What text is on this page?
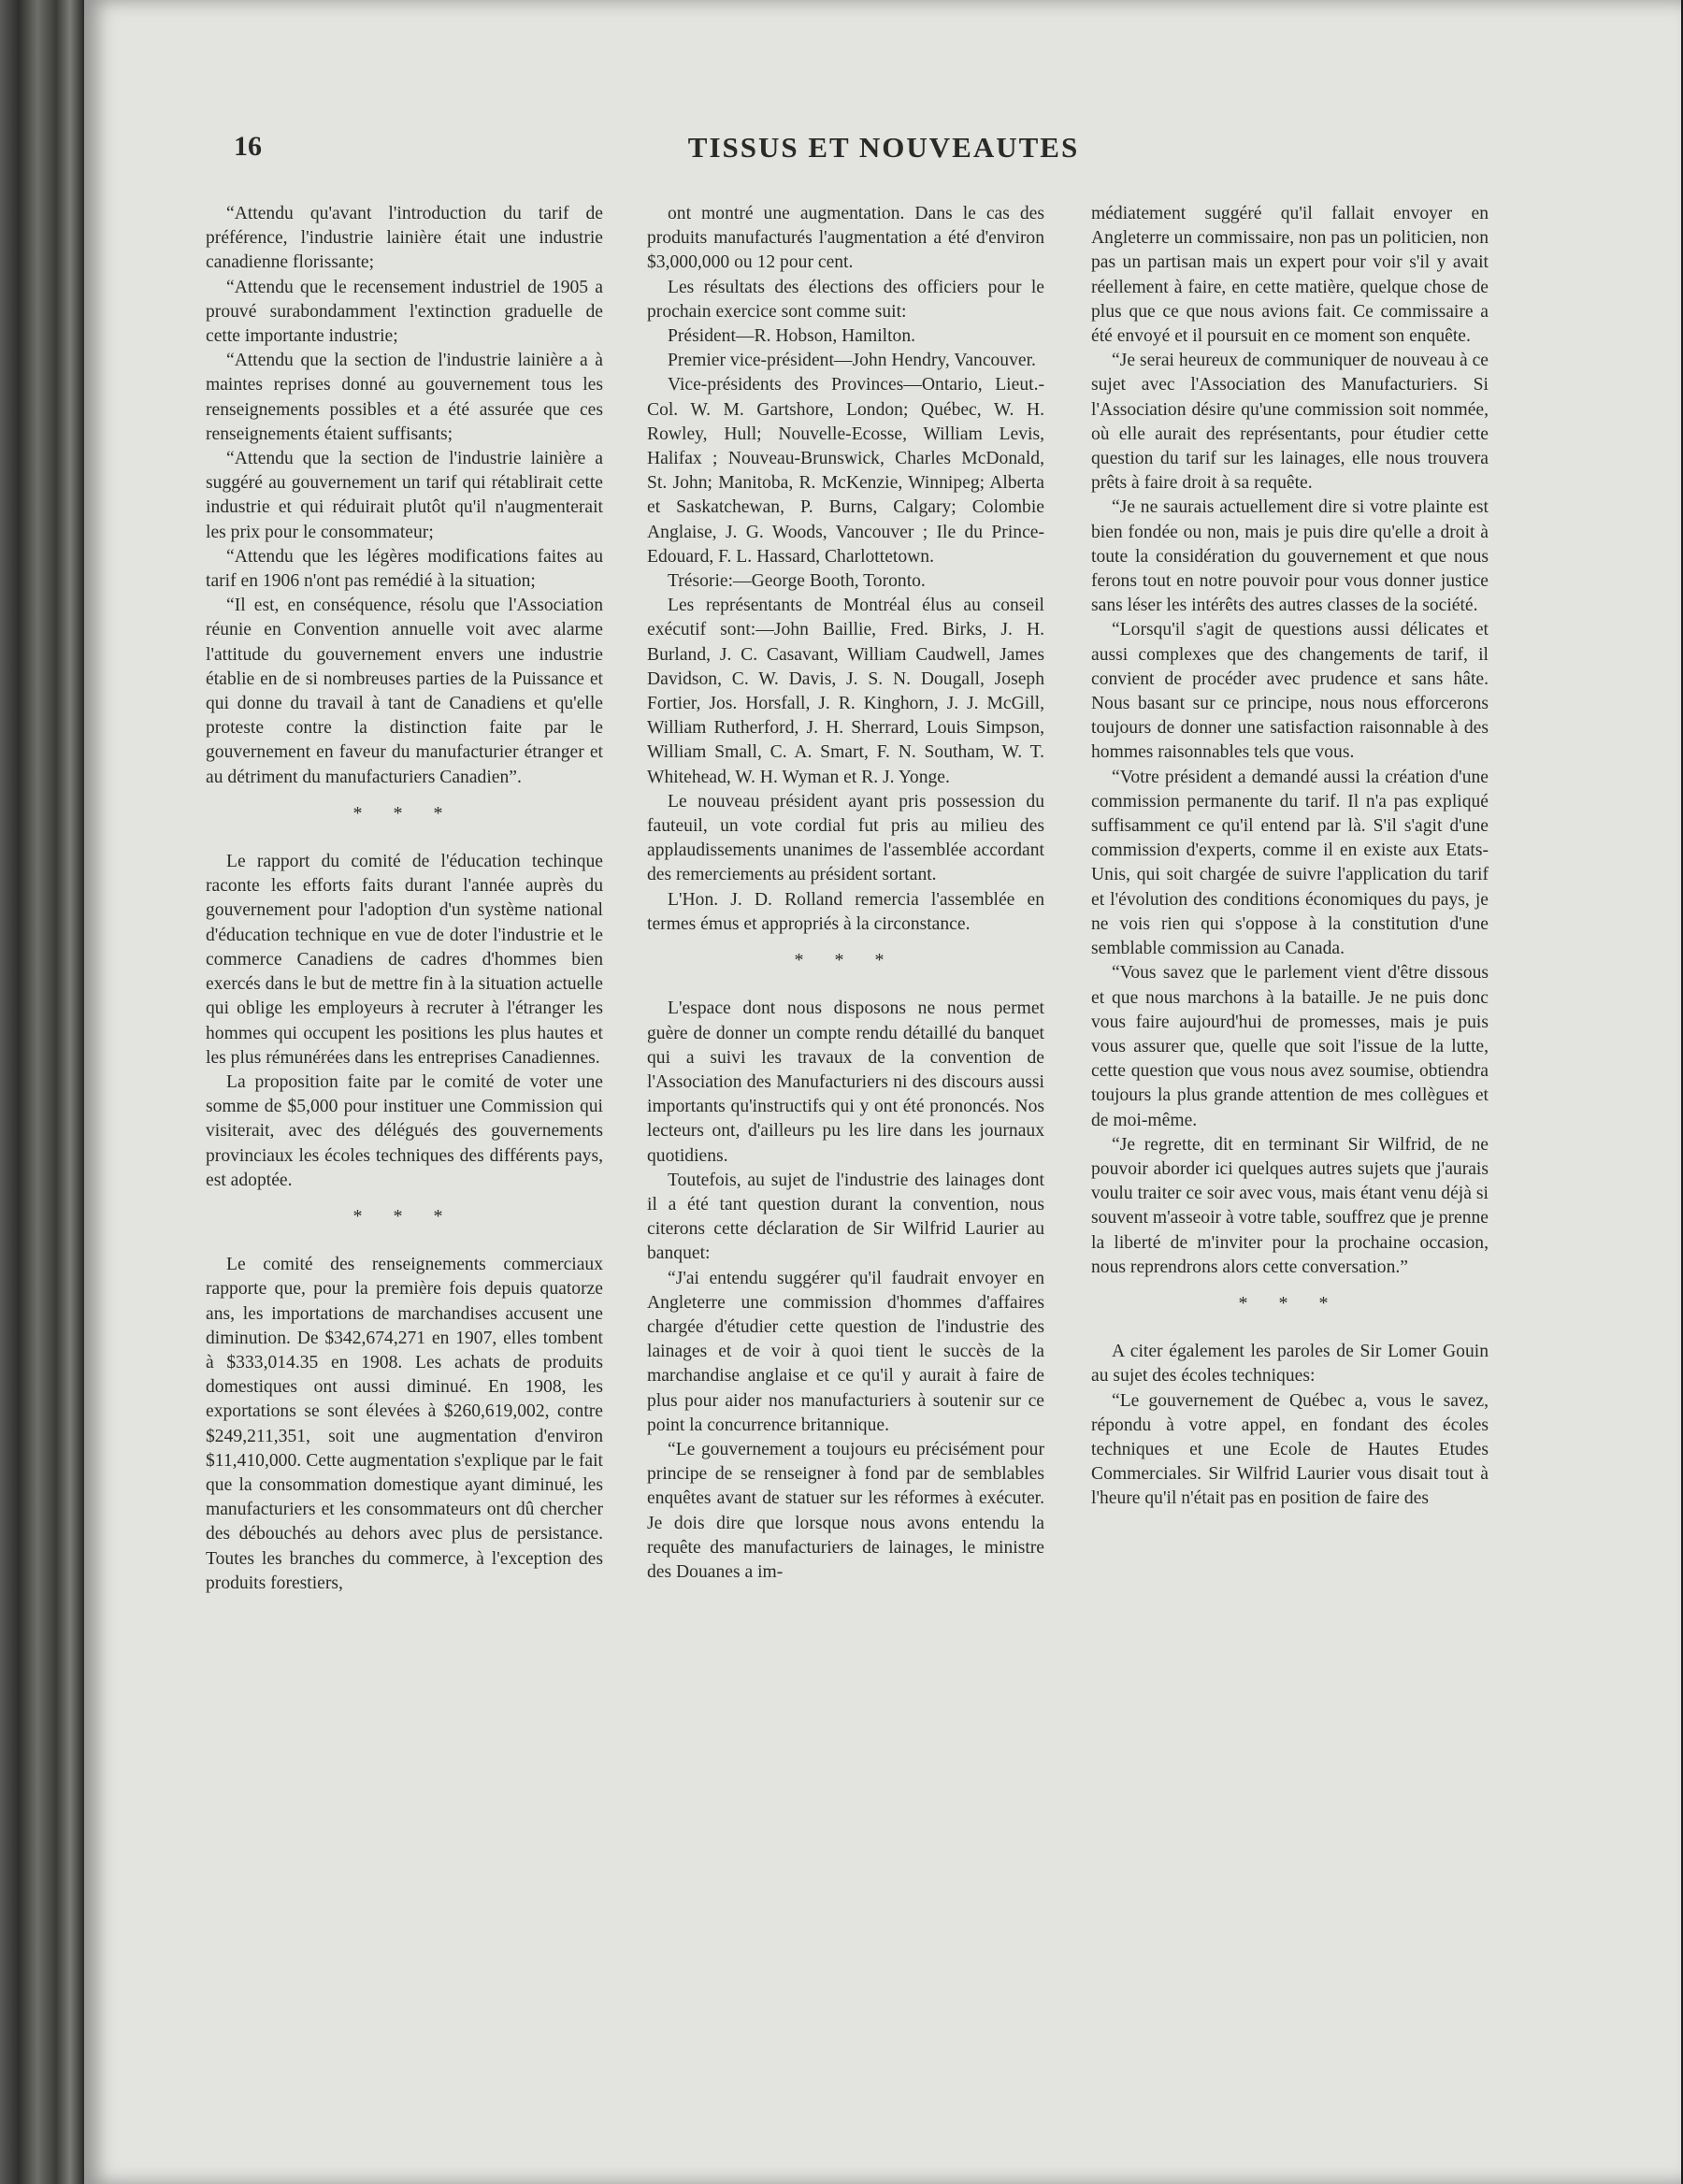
16	TISSUS ET NOUVEAUTES

“Attendu qu'avant l'introduction du tarif de préférence, l'industrie lainière était une industrie canadienne florissante;

“Attendu que le recensement industriel de 1905 a prouvé surabondamment l'extinction graduelle de cette importante industrie;

“Attendu que la section de l'industrie lainière a à maintes reprises donné au gouvernement tous les renseignements possibles et a été assurée que ces renseignements étaient suffisants;

“Attendu que la section de l'industrie lainière a suggéré au gouvernement un tarif qui rétablirait cette industrie et qui réduirait plutôt qu'il n'augmenterait les prix pour le consommateur;

“Attendu que les légères modifications faites au tarif en 1906 n'ont pas remédié à la situation;

“Il est, en conséquence, résolu que l'Association réunie en Convention annuelle voit avec alarme l'attitude du gouvernement envers une industrie établie en de si nombreuses parties de la Puissance et qui donne du travail à tant de Canadiens et qu'elle proteste contre la distinction faite par le gouvernement en faveur du manufacturier étranger et au détriment du manufacturiers Canadien”.

* * *

Le rapport du comité de l'éducation techinque raconte les efforts faits durant l'année auprès du gouvernement pour l'adoption d'un système national d'éducation technique en vue de doter l'industrie et le commerce Canadiens de cadres d'hommes bien exercés dans le but de mettre fin à la situation actuelle qui oblige les employeurs à recruter à l'étranger les hommes qui occupent les positions les plus hautes et les plus rémunérées dans les entreprises Canadiennes.

La proposition faite par le comité de voter une somme de $5,000 pour instituer une Commission qui visiterait, avec des délégués des gouvernements provinciaux les écoles techniques des différents pays, est adoptée.

* * *

Le comité des renseignements commerciaux rapporte que, pour la première fois depuis quatorze ans, les importations de marchandises accusent une diminution. De $342,674,271 en 1907, elles tombent à $333,014.35 en 1908. Les achats de produits domestiques ont aussi diminué. En 1908, les exportations se sont élevées à $260,619,002, contre $249,211,351, soit une augmentation d'environ $11,410,000. Cette augmentation s'explique par le fait que la consommation domestique ayant diminué, les manufacturiers et les consommateurs ont dû chercher des débouchés au dehors avec plus de persistance. Toutes les branches du commerce, à l'exception des produits forestiers,

ont montré une augmentation. Dans le cas des produits manufacturés l'augmentation a été d'environ $3,000,000 ou 12 pour cent.

Les résultats des élections des officiers pour le prochain exercice sont comme suit:

Président—R. Hobson, Hamilton.

Premier vice-président—John Hendry, Vancouver.

Vice-présidents des Provinces—Ontario, Lieut.-Col. W. M. Gartshore, London; Québec, W. H. Rowley, Hull; Nouvelle-Ecosse, William Levis, Halifax ; Nouveau-Brunswick, Charles McDonald, St. John; Manitoba, R. McKenzie, Winnipeg; Alberta et Saskatchewan, P. Burns, Calgary; Colombie Anglaise, J. G. Woods, Vancouver ; Ile du Prince-Edouard, F. L. Hassard, Charlottetown.

Trésorie:—George Booth, Toronto.

Les représentants de Montréal élus au conseil exécutif sont:—John Baillie, Fred. Birks, J. H. Burland, J. C. Casavant, William Caudwell, James Davidson, C. W. Davis, J. S. N. Dougall, Joseph Fortier, Jos. Horsfall, J. R. Kinghorn, J. J. McGill, William Rutherford, J. H. Sherrard, Louis Simpson, William Small, C. A. Smart, F. N. Southam, W. T. Whitehead, W. H. Wyman et R. J. Yonge.

Le nouveau président ayant pris possession du fauteuil, un vote cordial fut pris au milieu des applaudissements unanimes de l'assemblée accordant des remerciements au président sortant.

L'Hon. J. D. Rolland remercia l'assemblée en termes émus et appropriés à la circonstance.

* * *

L'espace dont nous disposons ne nous permet guère de donner un compte rendu détaillé du banquet qui a suivi les travaux de la convention de l'Association des Manufacturiers ni des discours aussi importants qu'instructifs qui y ont été prononcés. Nos lecteurs ont, d'ailleurs pu les lire dans les journaux quotidiens.

Toutefois, au sujet de l'industrie des lainages dont il a été tant question durant la convention, nous citerons cette déclaration de Sir Wilfrid Laurier au banquet:

“J'ai entendu suggérer qu'il faudrait envoyer en Angleterre une commission d'hommes d'affaires chargée d'étudier cette question de l'industrie des lainages et de voir à quoi tient le succès de la marchandise anglaise et ce qu'il y aurait à faire de plus pour aider nos manufacturiers à soutenir sur ce point la concurrence britannique.

“Le gouvernement a toujours eu précisément pour principe de se renseigner à fond par de semblables enquêtes avant de statuer sur les réformes à exécuter. Je dois dire que lorsque nous avons entendu la requête des manufacturiers de lainages, le ministre des Douanes a im-

médiatement suggéré qu'il fallait envoyer en Angleterre un commissaire, non pas un politicien, non pas un partisan mais un expert pour voir s'il y avait réellement à faire, en cette matière, quelque chose de plus que ce que nous avions fait. Ce commissaire a été envoyé et il poursuit en ce moment son enquête.

“Je serai heureux de communiquer de nouveau à ce sujet avec l'Association des Manufacturiers. Si l'Association désire qu'une commission soit nommée, où elle aurait des représentants, pour étudier cette question du tarif sur les lainages, elle nous trouvera prêts à faire droit à sa requête.

“Je ne saurais actuellement dire si votre plainte est bien fondée ou non, mais je puis dire qu'elle a droit à toute la considération du gouvernement et que nous ferons tout en notre pouvoir pour vous donner justice sans léser les intérêts des autres classes de la société.

“Lorsqu'il s'agit de questions aussi délicates et aussi complexes que des changements de tarif, il convient de procéder avec prudence et sans hâte. Nous basant sur ce principe, nous nous efforcerons toujours de donner une satisfaction raisonnable à des hommes raisonnables tels que vous.

“Votre président a demandé aussi la création d'une commission permanente du tarif. Il n'a pas expliqué suffisamment ce qu'il entend par là. S'il s'agit d'une commission d'experts, comme il en existe aux Etats-Unis, qui soit chargée de suivre l'application du tarif et l'évolution des conditions économiques du pays, je ne vois rien qui s'oppose à la constitution d'une semblable commission au Canada.

“Vous savez que le parlement vient d'être dissous et que nous marchons à la bataille. Je ne puis donc vous faire aujourd'hui de promesses, mais je puis vous assurer que, quelle que soit l'issue de la lutte, cette question que vous nous avez soumise, obtiendra toujours la plus grande attention de mes collègues et de moi-même.

“Je regrette, dit en terminant Sir Wilfrid, de ne pouvoir aborder ici quelques autres sujets que j'aurais voulu traiter ce soir avec vous, mais étant venu déjà si souvent m'asseoir à votre table, souffrez que je prenne la liberté de m'inviter pour la prochaine occasion, nous reprendrons alors cette conversation.”

* * *

A citer également les paroles de Sir Lomer Gouin au sujet des écoles techniques:

“Le gouvernement de Québec a, vous le savez, répondu à votre appel, en fondant des écoles techniques et une Ecole de Hautes Etudes Commerciales. Sir Wilfrid Laurier vous disait tout à l'heure qu'il n'était pas en position de faire des
